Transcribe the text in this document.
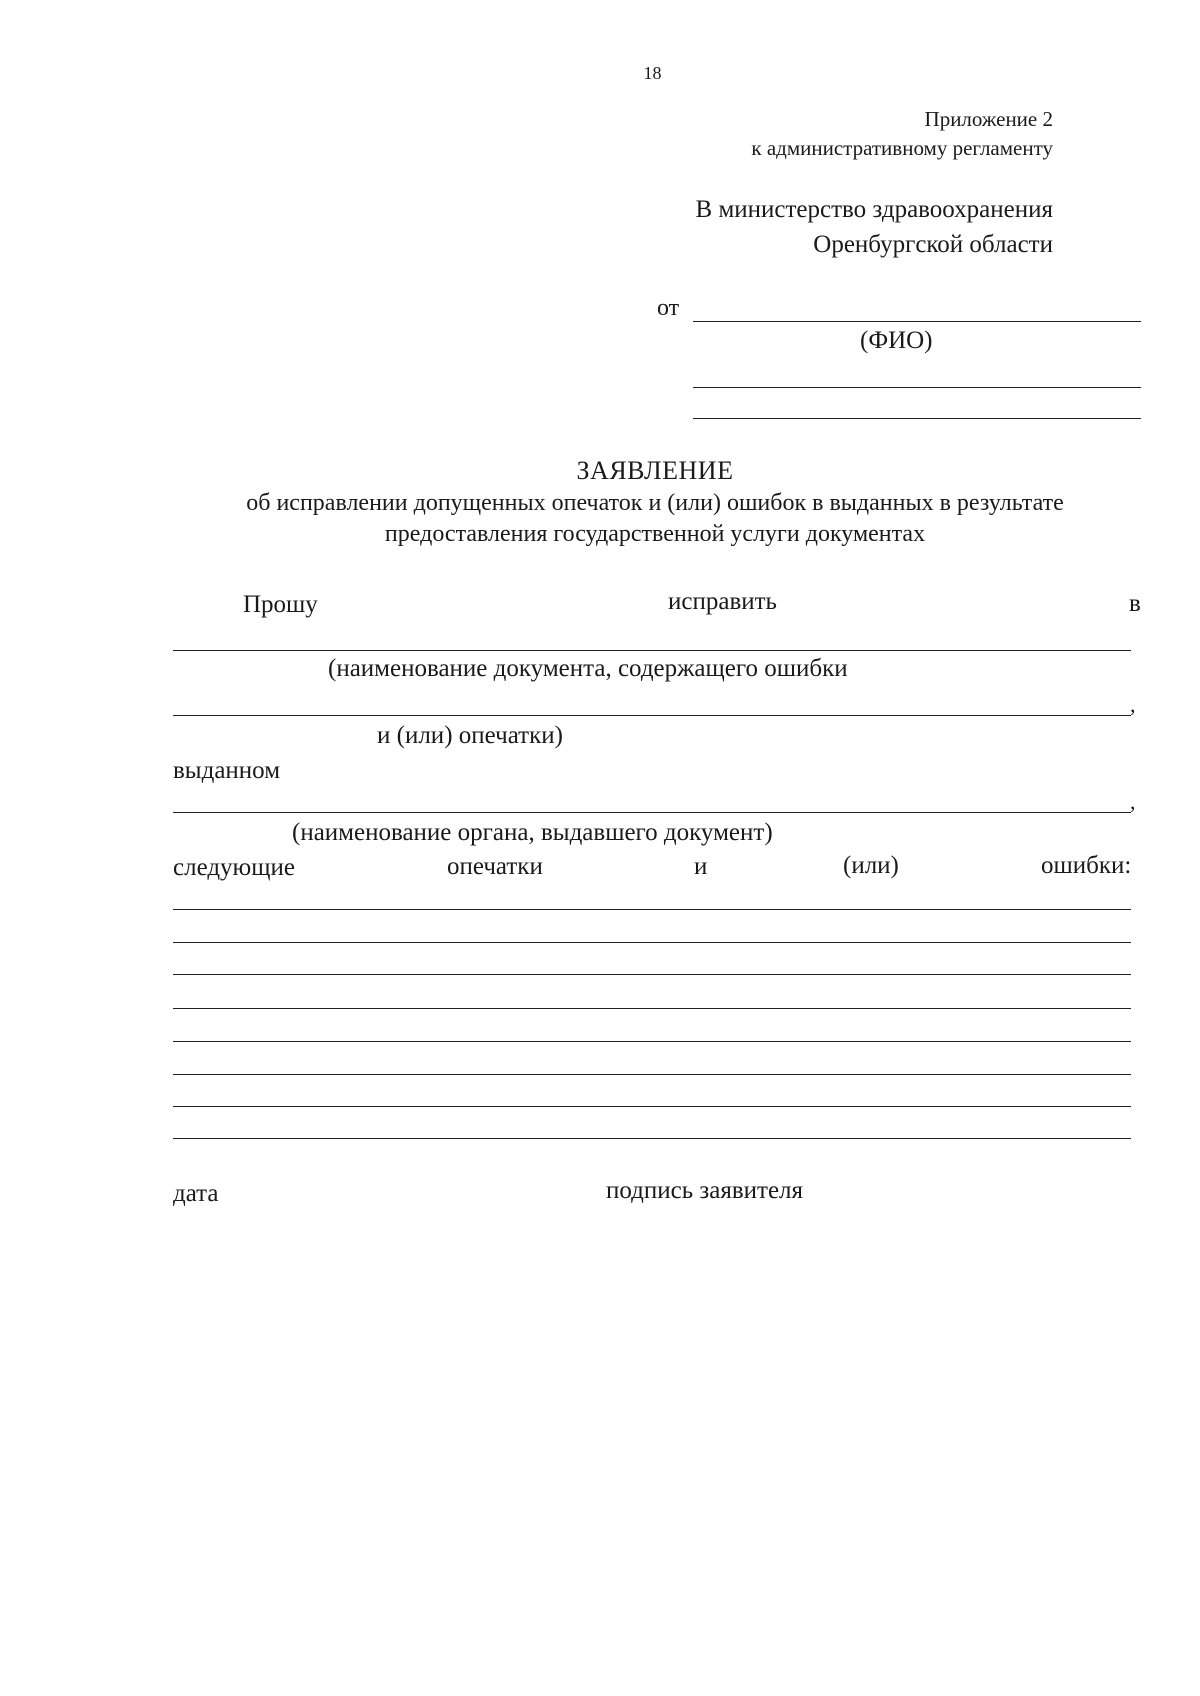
18
Приложение 2
к административному регламенту
В министерство здравоохранения
Оренбургской области
от
(ФИО)
ЗАЯВЛЕНИЕ
об исправлении допущенных опечаток и (или) ошибок в выданных в результате
предоставления государственной услуги документах
Прошу	исправить	в
(наименование документа, содержащего ошибки
,
и (или) опечатки)
выданном
,
(наименование органа, выдавшего документ)
следующие	опечатки	и	(или)	ошибки:
дата	подпись заявителя
